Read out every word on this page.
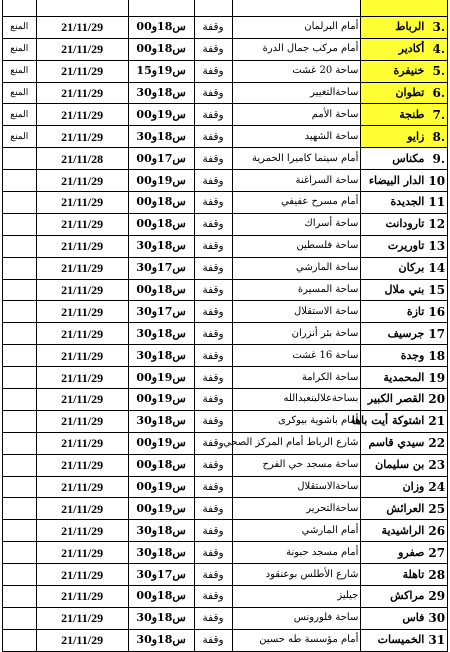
المنع	21/11/29	س18و00	وقفة	أمام البرلمان	الرباط	3.
المنع	21/11/29	س18و00	وقفة	أمام مركب جمال الدرة	أكادير	4.
المنع	21/11/29	س19و15	وقفة	ساحة 20 غشت	خنيفرة	5.
المنع	21/11/29	س18و30	وقفة	ساحةالتغيير	تطوان	6.
المنع	21/11/29	س19و00	وقفة	ساحة الأمم	طنجة	7.
المنع	21/11/29	س18و30	وقفة	ساحة الشهيد	زايو	8.
	21/11/28	س17و00	وقفة	أمام سينما كاميرا الحمرية	مكناس	9.
	21/11/29	س19و00	وقفة	ساحة السراغنة	الدار البيضاء	10
	21/11/29	س18و00	وقفة	أمام مسرح عفيفي	الجديدة	11
	21/11/29	س18و00	وقفة	ساحة أسراك	تارودانت	12
	21/11/29	س18و30	وقفة	ساحة فلسطين	تاوريرت	13
	21/11/29	س17و30	وقفة	ساحة المارشي	بركان	14
	21/11/29	س18و00	وقفة	ساحة المسيرة	بني ملال	15
	21/11/29	س17و30	وقفة	ساحة الاستقلال	تازة	16
	21/11/29	س18و30	وقفة	ساحة بئر أنزران	جرسيف	17
	21/11/29	س18و30	وقفة	ساحة 16 غشت	وجدة	18
	21/11/29	س19و00	وقفة	ساحة الكرامة	المحمدية	19
	21/11/29	س19و00	وقفة	بساحةعلالبنعبدالله	القصر الكبير	20
	21/11/29	س18و30	وقفة	أمام باشوية بيوكرى	اشتوكة أيت باها	21
	21/11/29	س19و00	وقفة	شارع الرباط أمام المركز الصحي	سيدي قاسم	22
	21/11/29	س18و00	وقفة	ساحة مسجد حي الفرح	بن سليمان	23
	21/11/29	س19و00	وقفة	ساحةالاستقلال	وزان	24
	21/11/29	س19و00	وقفة	ساحةالتحرير	العرائش	25
	21/11/29	س18و30	وقفة	أمام المارشي	الراشيدية	26
	21/11/29	س18و30	وقفة	أمام مسجد حبونة	صفرو	27
	21/11/29	س17و30	وقفة	شارع الأطلس بوعنقود	تاهلة	28
	21/11/29	س18و00	وقفة	جيليز	مراكش	29
	21/11/29	س18و30	وقفة	ساحة فلورونس	فاس	30
	21/11/29	س18و30	وقفة	أمام مؤسسة طه حسين	الخميسات	31
